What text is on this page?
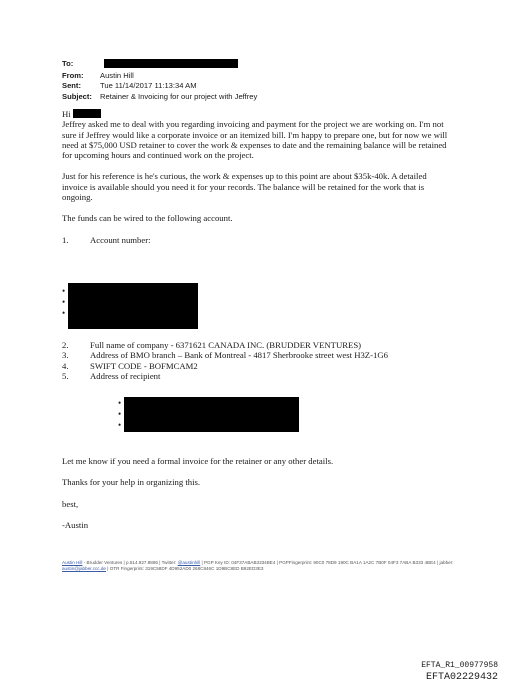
To:
From:	Austin Hill
Sent:	Tue 11/14/2017 11:13:34 AM
Subject:	Retainer & Invoicing for our project with Jeffrey

Hi

Jeffrey asked me to deal with you regarding invoicing and payment for the project we are working on. I'm not sure if Jeffrey would like a corporate invoice or an itemized bill. I'm happy to prepare one, but for now we will need at $75,000 USD retainer to cover the work & expenses to date and the remaining balance will be retained for upcoming hours and continued work on the project.

Just for his reference is he's curious, the work & expenses up to this point are about $35k-40k. A detailed invoice is available should you need it for your records. The balance will be retained for the work that is ongoing.

The funds can be wired to the following account.

1.	Account number:
•
•
•
2.	Full name of company - 6371621 CANADA INC. (BRUDDER VENTURES)
3.	Address of BMO branch – Bank of Montreal - 4817 Sherbrooke street west H3Z-1G6
4.	SWIFT CODE - BOFMCAM2
5.	Address of recipient
•
•
•

Let me know if you need a formal invoice for the retainer or any other details.

Thanks for your help in organizing this.

best,

-Austin

Austin Hill - Brudder Ventures | p.514.927.8886 | Twitter: @austinhill | PGP Key ID: 04F37ABAB3334BE4 | PGPFingerprint: 90C0 78D9 190C BA1A 1A2C 7B0F 04F3 7ABA B333 4BE4 | jabber: austin@jabber.ccc.de | OTR Fingerprint: 319C58DF 4D952AD0 268C846C 1D9BC8ED B92ED3E3
EFTA_R1_00977958
EFTA02229432
